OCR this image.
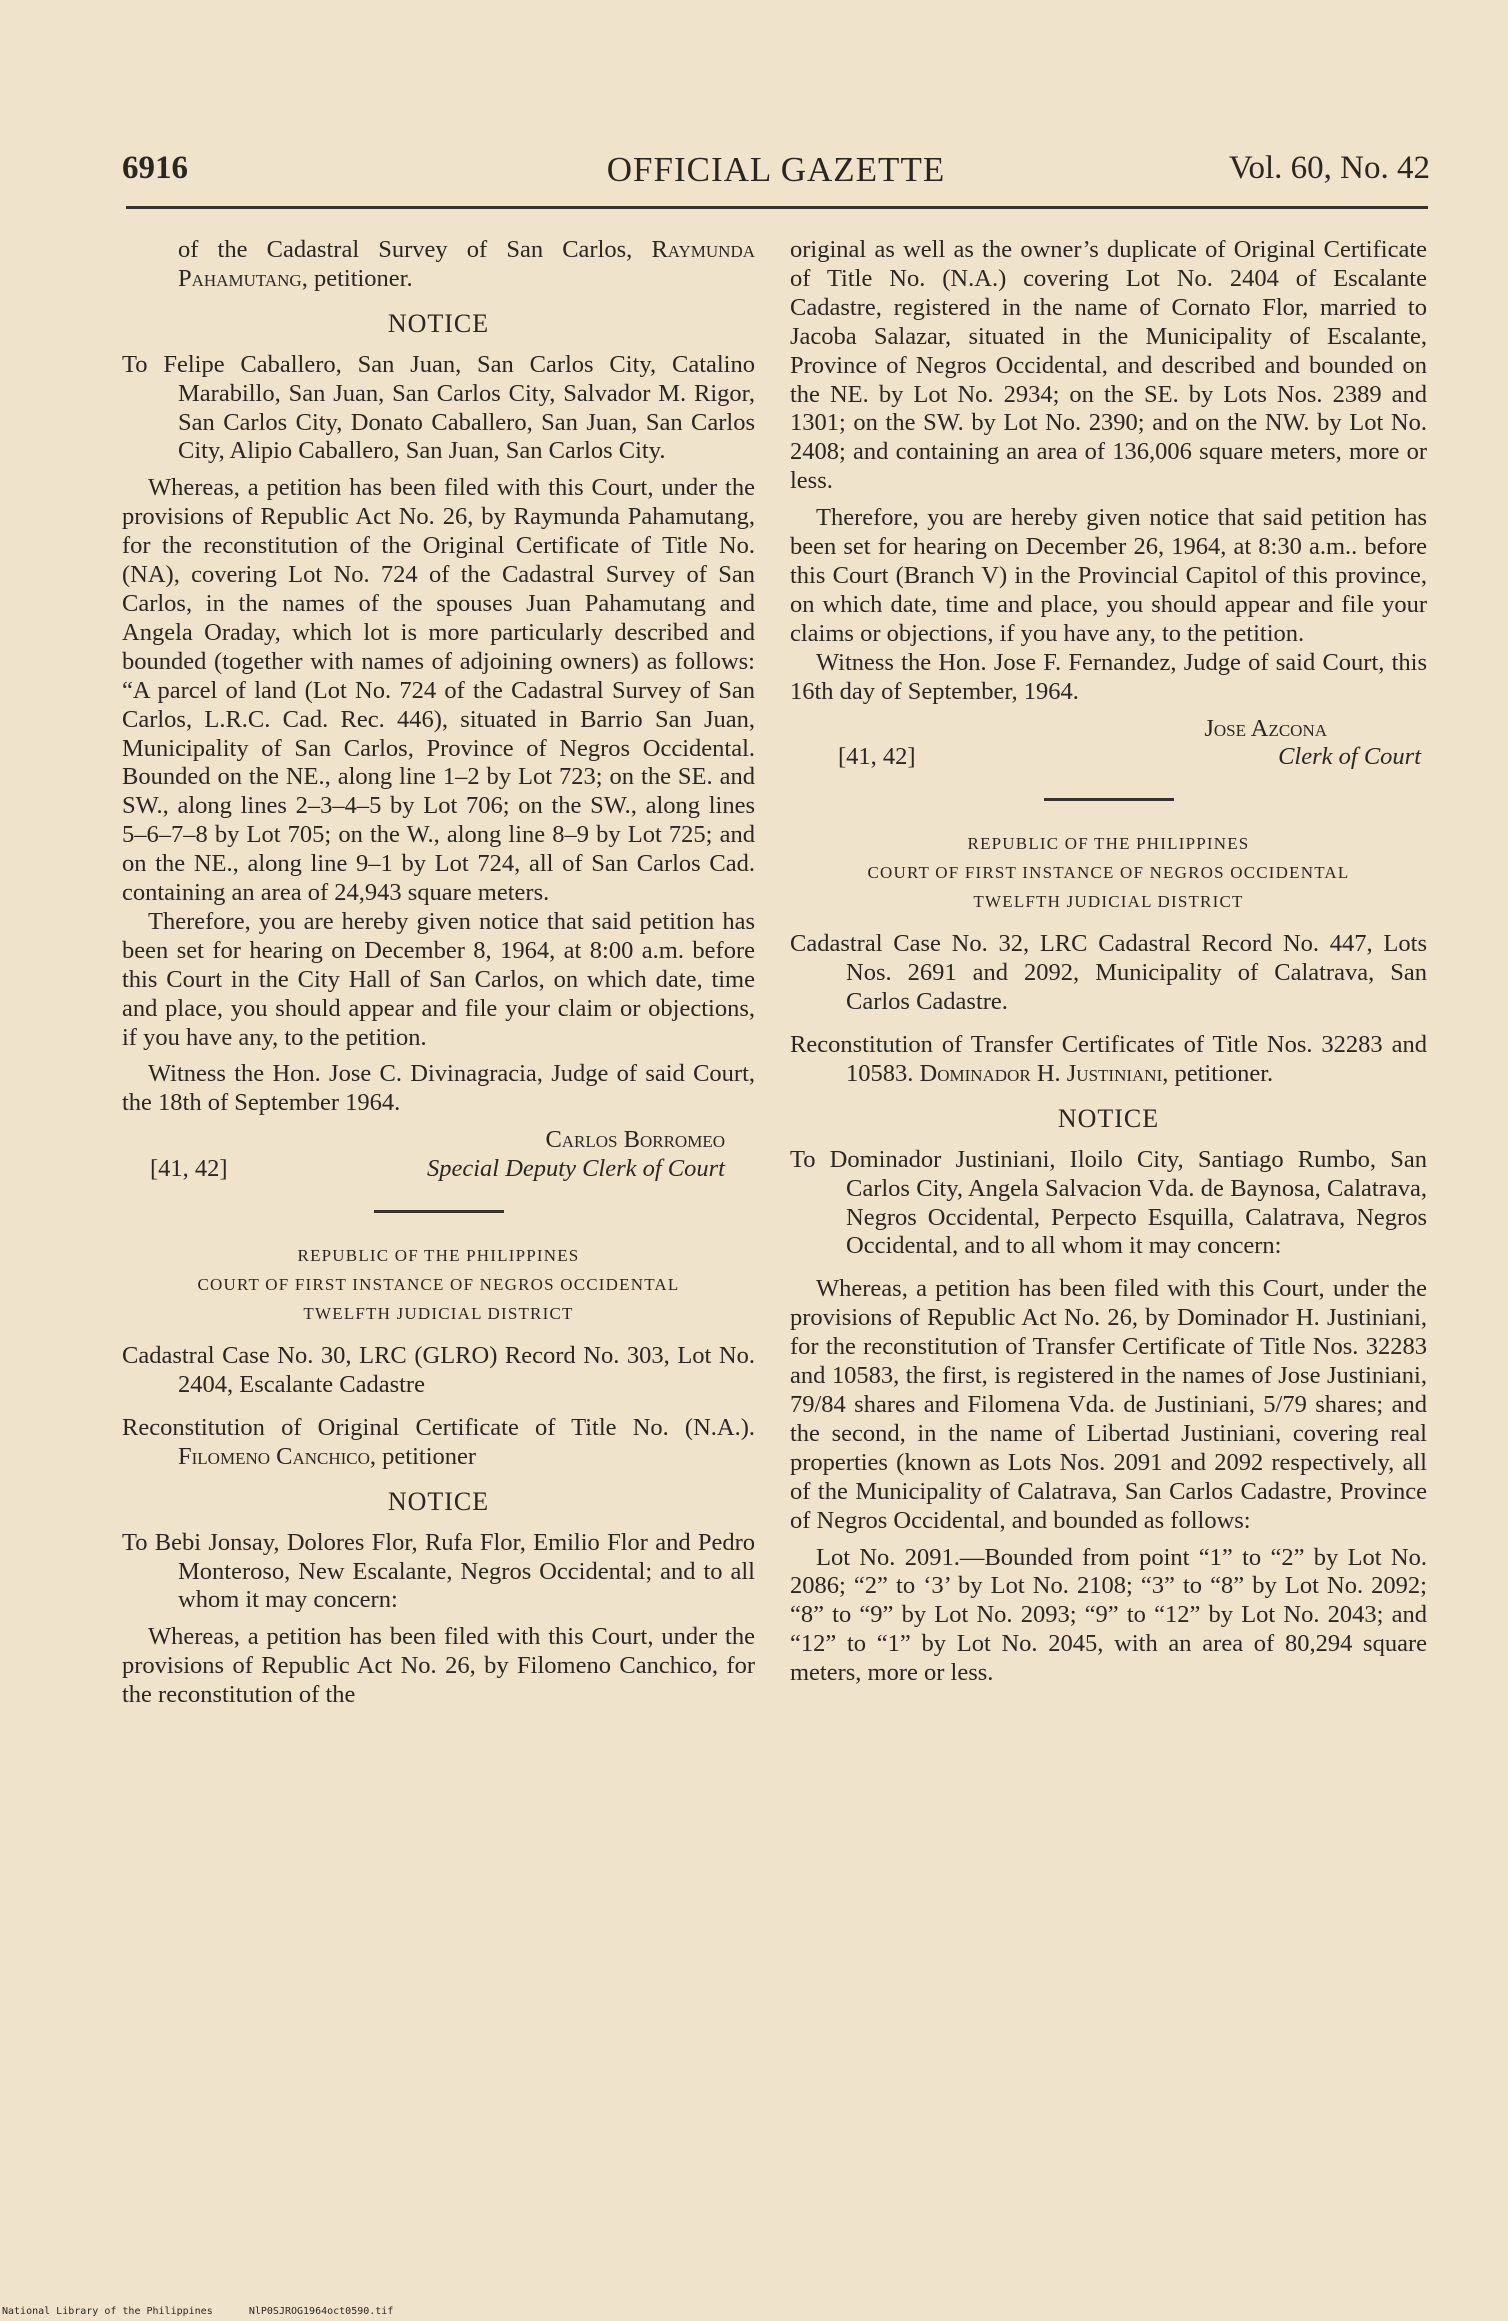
6916	OFFICIAL GAZETTE	Vol. 60, No. 42

of the Cadastral Survey of San Carlos, Raymunda Pahamutang, petitioner.

NOTICE

To Felipe Caballero, San Juan, San Carlos City, Catalino Marabillo, San Juan, San Carlos City, Salvador M. Rigor, San Carlos City, Donato Caballero, San Juan, San Carlos City, Alipio Caballero, San Juan, San Carlos City.

Whereas, a petition has been filed with this Court, under the provisions of Republic Act No. 26, by Raymunda Pahamutang, for the reconstitution of the Original Certificate of Title No. (NA), covering Lot No. 724 of the Cadastral Survey of San Carlos, in the names of the spouses Juan Pahamutang and Angela Oraday, which lot is more particularly described and bounded (together with names of adjoining owners) as follows: “A parcel of land (Lot No. 724 of the Cadastral Survey of San Carlos, L.R.C. Cad. Rec. 446), situated in Barrio San Juan, Municipality of San Carlos, Province of Negros Occidental. Bounded on the NE., along line 1–2 by Lot 723; on the SE. and SW., along lines 2–3–4–5 by Lot 706; on the SW., along lines 5–6–7–8 by Lot 705; on the W., along line 8–9 by Lot 725; and on the NE., along line 9–1 by Lot 724, all of San Carlos Cad. containing an area of 24,943 square meters.

Therefore, you are hereby given notice that said petition has been set for hearing on December 8, 1964, at 8:00 a.m. before this Court in the City Hall of San Carlos, on which date, time and place, you should appear and file your claim or objections, if you have any, to the petition.

Witness the Hon. Jose C. Divinagracia, Judge of said Court, the 18th of September 1964.

Carlos Borromeo

[41, 42]	Special Deputy Clerk of Court
REPUBLIC OF THE PHILIPPINES
COURT OF FIRST INSTANCE OF NEGROS OCCIDENTAL
TWELFTH JUDICIAL DISTRICT

Cadastral Case No. 30, LRC (GLRO) Record No. 303, Lot No. 2404, Escalante Cadastre

Reconstitution of Original Certificate of Title No. (N.A.). Filomeno Canchico, petitioner

NOTICE

To Bebi Jonsay, Dolores Flor, Rufa Flor, Emilio Flor and Pedro Monteroso, New Escalante, Negros Occidental; and to all whom it may concern:

Whereas, a petition has been filed with this Court, under the provisions of Republic Act No. 26, by Filomeno Canchico, for the reconstitution of the

original as well as the owner’s duplicate of Original Certificate of Title No. (N.A.) covering Lot No. 2404 of Escalante Cadastre, registered in the name of Cornato Flor, married to Jacoba Salazar, situated in the Municipality of Escalante, Province of Negros Occidental, and described and bounded on the NE. by Lot No. 2934; on the SE. by Lots Nos. 2389 and 1301; on the SW. by Lot No. 2390; and on the NW. by Lot No. 2408; and containing an area of 136,006 square meters, more or less.

Therefore, you are hereby given notice that said petition has been set for hearing on December 26, 1964, at 8:30 a.m.. before this Court (Branch V) in the Provincial Capitol of this province, on which date, time and place, you should appear and file your claims or objections, if you have any, to the petition.

Witness the Hon. Jose F. Fernandez, Judge of said Court, this 16th day of September, 1964.

Jose Azcona

[41, 42]	Clerk of Court
REPUBLIC OF THE PHILIPPINES
COURT OF FIRST INSTANCE OF NEGROS OCCIDENTAL
TWELFTH JUDICIAL DISTRICT

Cadastral Case No. 32, LRC Cadastral Record No. 447, Lots Nos. 2691 and 2092, Municipality of Calatrava, San Carlos Cadastre.

Reconstitution of Transfer Certificates of Title Nos. 32283 and 10583. Dominador H. Justiniani, petitioner.

NOTICE

To Dominador Justiniani, Iloilo City, Santiago Rumbo, San Carlos City, Angela Salvacion Vda. de Baynosa, Calatrava, Negros Occidental, Perpecto Esquilla, Calatrava, Negros Occidental, and to all whom it may concern:

Whereas, a petition has been filed with this Court, under the provisions of Republic Act No. 26, by Dominador H. Justiniani, for the reconstitution of Transfer Certificate of Title Nos. 32283 and 10583, the first, is registered in the names of Jose Justiniani, 79/84 shares and Filomena Vda. de Justiniani, 5/79 shares; and the second, in the name of Libertad Justiniani, covering real properties (known as Lots Nos. 2091 and 2092 respectively, all of the Municipality of Calatrava, San Carlos Cadastre, Province of Negros Occidental, and bounded as follows:

Lot No. 2091.—Bounded from point “1” to “2” by Lot No. 2086; “2” to ‘3’ by Lot No. 2108; “3” to “8” by Lot No. 2092; “8” to “9” by Lot No. 2093; “9” to “12” by Lot No. 2043; and “12” to “1” by Lot No. 2045, with an area of 80,294 square meters, more or less.

National Library of the Philippines	NlP0SJROG1964oct0590.tif
